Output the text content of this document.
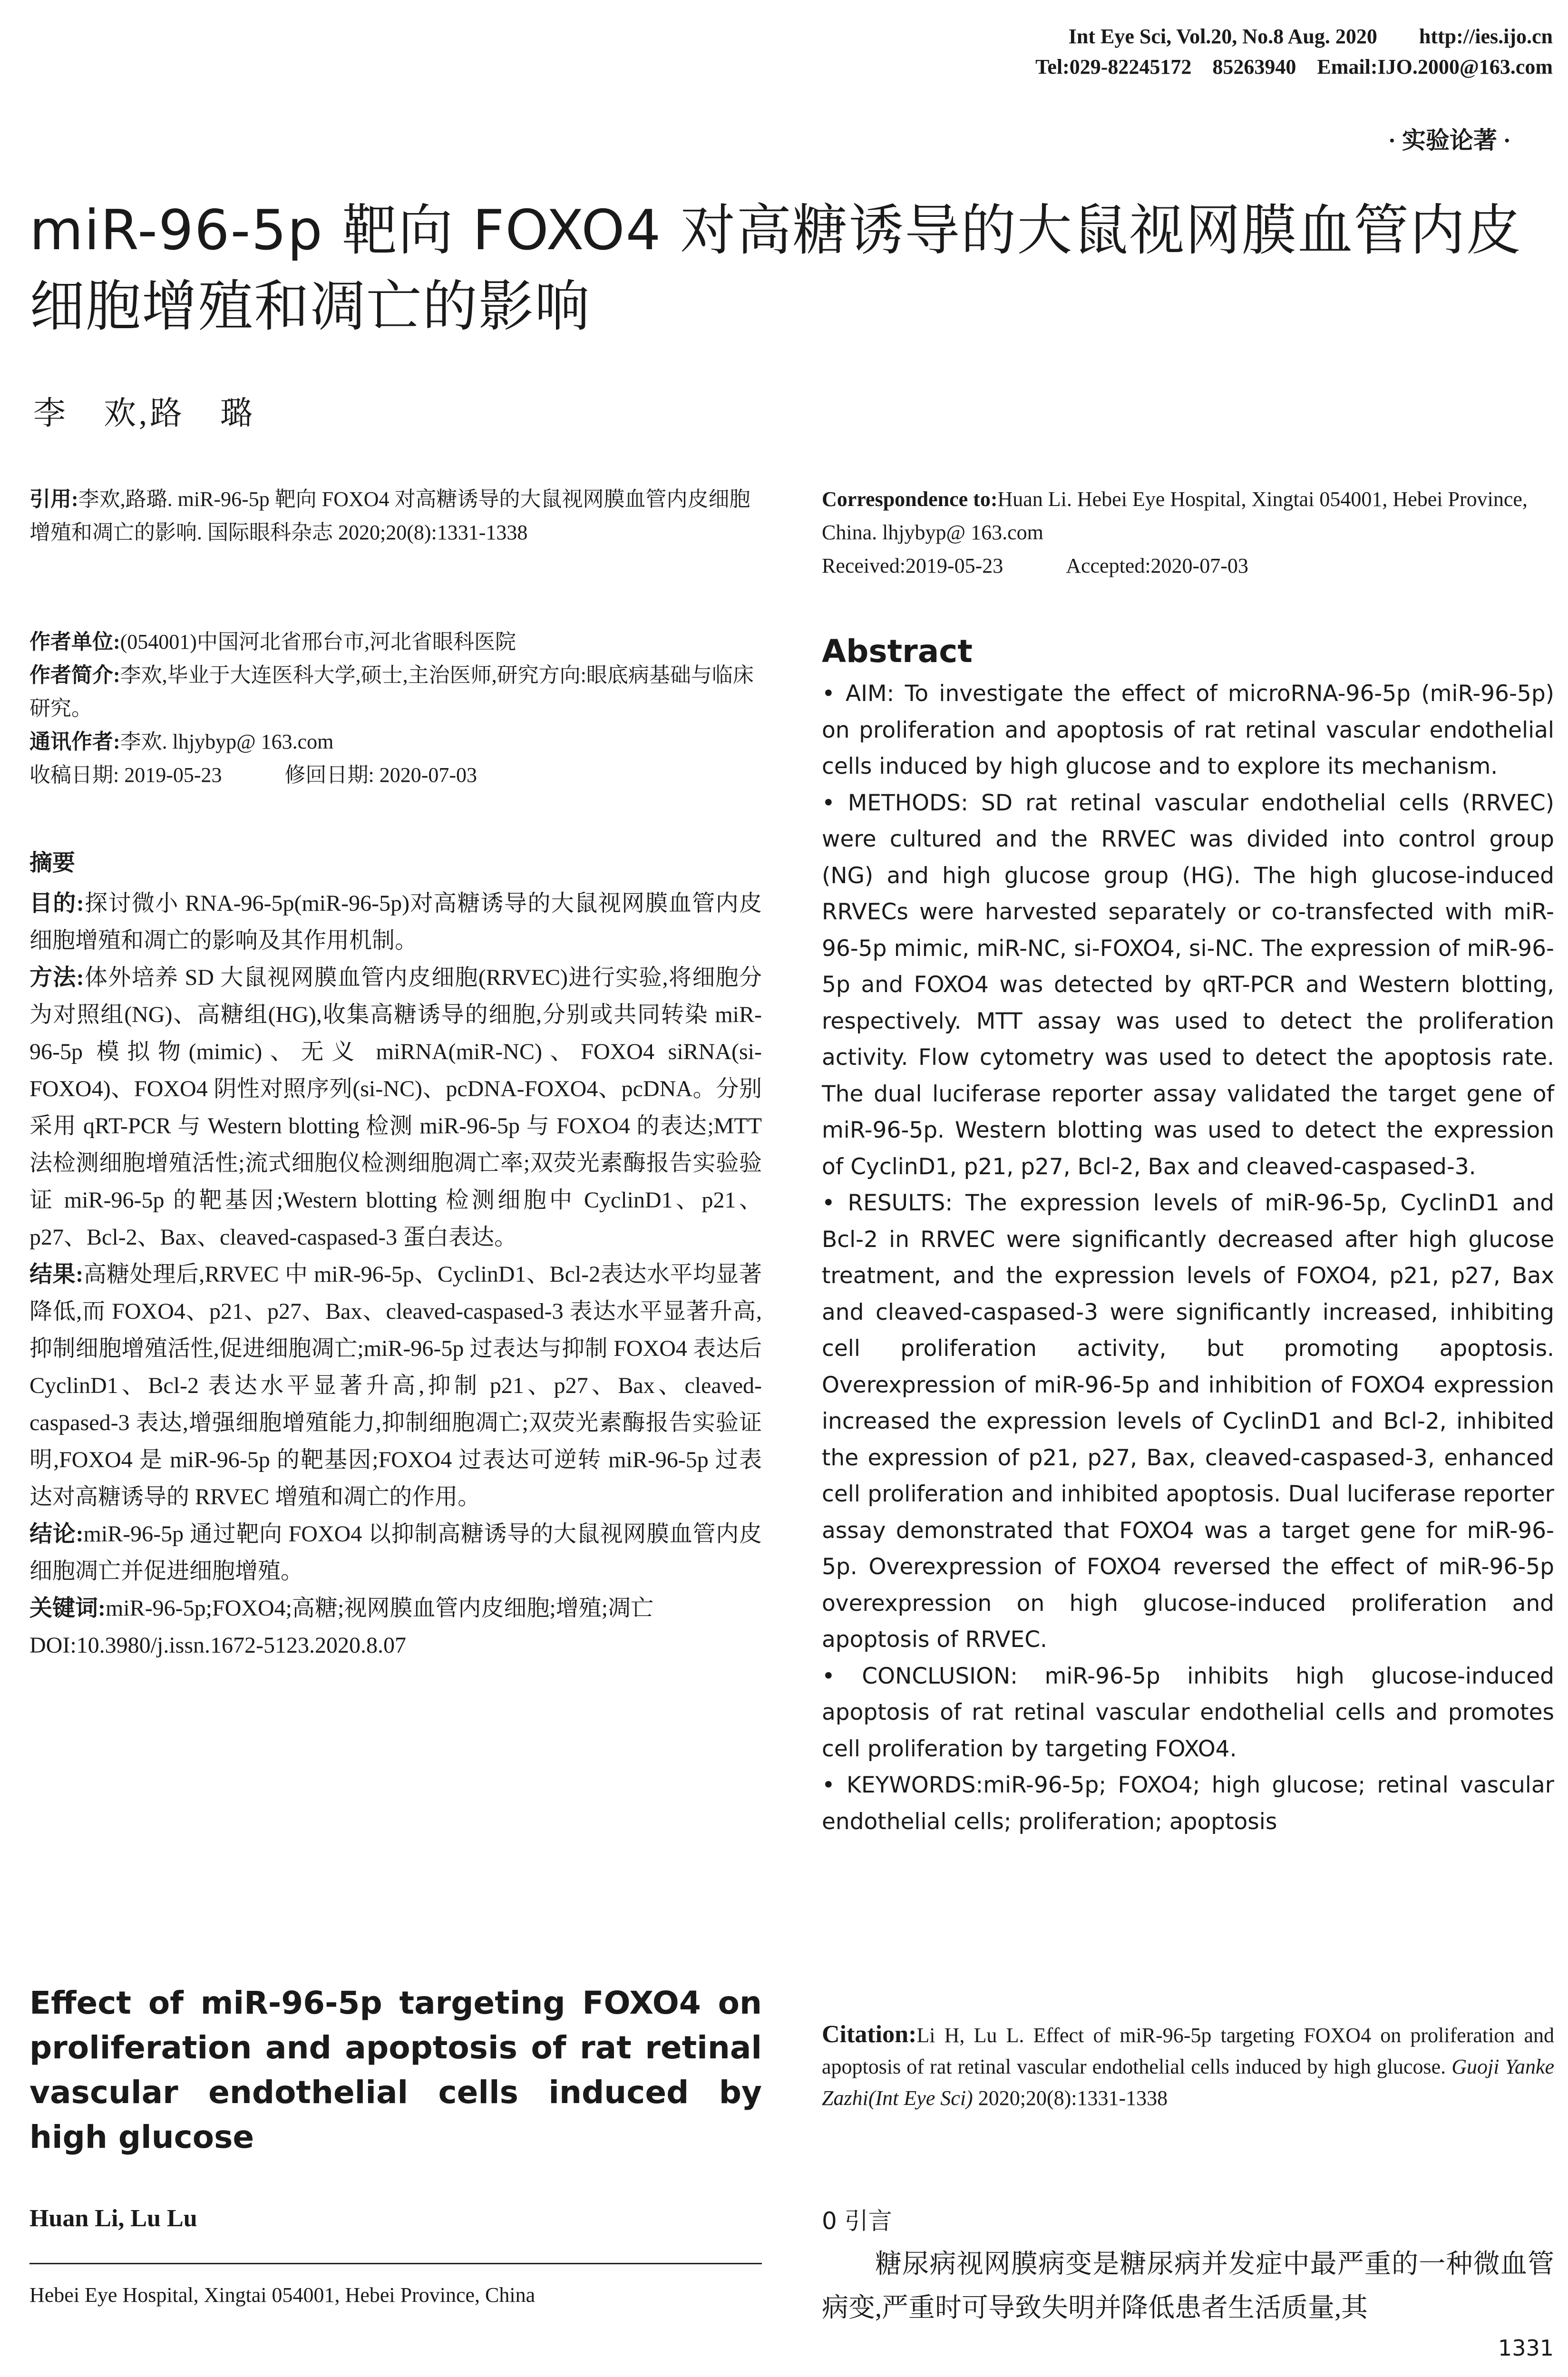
Int Eye Sci, Vol.20, No.8 Aug. 2020        http://ies.ijo.cn
Tel:029-82245172    85263940    Email:IJO.2000@163.com
· 实验论著 ·
miR-96-5p 靶向 FOXO4 对高糖诱导的大鼠视网膜血管内皮细胞增殖和凋亡的影响
李　欢,路　璐

引用:李欢,路璐. miR-96-5p 靶向 FOXO4 对高糖诱导的大鼠视网膜血管内皮细胞增殖和凋亡的影响. 国际眼科杂志 2020;20(8):1331-1338

作者单位:(054001)中国河北省邢台市,河北省眼科医院

作者简介:李欢,毕业于大连医科大学,硕士,主治医师,研究方向:眼底病基础与临床研究。

通讯作者:李欢. lhjybyp@ 163.com

收稿日期: 2019-05-23　　　修回日期: 2020-07-03

摘要

目的:探讨微小 RNA-96-5p(miR-96-5p)对高糖诱导的大鼠视网膜血管内皮细胞增殖和凋亡的影响及其作用机制。

方法:体外培养 SD 大鼠视网膜血管内皮细胞(RRVEC)进行实验,将细胞分为对照组(NG)、高糖组(HG),收集高糖诱导的细胞,分别或共同转染 miR-96-5p 模拟物(mimic)、无义 miRNA(miR-NC)、FOXO4 siRNA(si-FOXO4)、FOXO4 阴性对照序列(si-NC)、pcDNA-FOXO4、pcDNA。分别采用 qRT-PCR 与 Western blotting 检测 miR-96-5p 与 FOXO4 的表达;MTT 法检测细胞增殖活性;流式细胞仪检测细胞凋亡率;双荧光素酶报告实验验证 miR-96-5p 的靶基因;Western blotting 检测细胞中 CyclinD1、p21、p27、Bcl-2、Bax、cleaved-caspased-3 蛋白表达。

结果:高糖处理后,RRVEC 中 miR-96-5p、CyclinD1、Bcl-2表达水平均显著降低,而 FOXO4、p21、p27、Bax、cleaved-caspased-3 表达水平显著升高,抑制细胞增殖活性,促进细胞凋亡;miR-96-5p 过表达与抑制 FOXO4 表达后 CyclinD1、Bcl-2 表达水平显著升高,抑制 p21、p27、Bax、cleaved-caspased-3 表达,增强细胞增殖能力,抑制细胞凋亡;双荧光素酶报告实验证明,FOXO4 是 miR-96-5p 的靶基因;FOXO4 过表达可逆转 miR-96-5p 过表达对高糖诱导的 RRVEC 增殖和凋亡的作用。

结论:miR-96-5p 通过靶向 FOXO4 以抑制高糖诱导的大鼠视网膜血管内皮细胞凋亡并促进细胞增殖。

关键词:miR-96-5p;FOXO4;高糖;视网膜血管内皮细胞;增殖;凋亡

DOI:10.3980/j.issn.1672-5123.2020.8.07

Effect of miR-96-5p targeting FOXO4 on proliferation and apoptosis of rat retinal vascular endothelial cells induced by high glucose
Huan Li, Lu Lu
Hebei Eye Hospital, Xingtai 054001, Hebei Province, China

Correspondence to:Huan Li. Hebei Eye Hospital, Xingtai 054001, Hebei Province, China. lhjybyp@ 163.com

Received:2019-05-23　　　Accepted:2020-07-03

Abstract

• AIM: To investigate the effect of microRNA-96-5p (miR-96-5p) on proliferation and apoptosis of rat retinal vascular endothelial cells induced by high glucose and to explore its mechanism.

• METHODS: SD rat retinal vascular endothelial cells (RRVEC) were cultured and the RRVEC was divided into control group (NG) and high glucose group (HG). The high glucose-induced RRVECs were harvested separately or co-transfected with miR-96-5p mimic, miR-NC, si-FOXO4, si-NC. The expression of miR-96-5p and FOXO4 was detected by qRT-PCR and Western blotting, respectively. MTT assay was used to detect the proliferation activity. Flow cytometry was used to detect the apoptosis rate. The dual luciferase reporter assay validated the target gene of miR-96-5p. Western blotting was used to detect the expression of CyclinD1, p21, p27, Bcl-2, Bax and cleaved-caspased-3.

• RESULTS: The expression levels of miR-96-5p, CyclinD1 and Bcl-2 in RRVEC were significantly decreased after high glucose treatment, and the expression levels of FOXO4, p21, p27, Bax and cleaved-caspased-3 were significantly increased, inhibiting cell proliferation activity, but promoting apoptosis. Overexpression of miR-96-5p and inhibition of FOXO4 expression increased the expression levels of CyclinD1 and Bcl-2, inhibited the expression of p21, p27, Bax, cleaved-caspased-3, enhanced cell proliferation and inhibited apoptosis. Dual luciferase reporter assay demonstrated that FOXO4 was a target gene for miR-96-5p. Overexpression of FOXO4 reversed the effect of miR-96-5p overexpression on high glucose-induced proliferation and apoptosis of RRVEC.

• CONCLUSION: miR-96-5p inhibits high glucose-induced apoptosis of rat retinal vascular endothelial cells and promotes cell proliferation by targeting FOXO4.

• KEYWORDS:miR-96-5p; FOXO4; high glucose; retinal vascular endothelial cells; proliferation; apoptosis

Citation:Li H, Lu L. Effect of miR-96-5p targeting FOXO4 on proliferation and apoptosis of rat retinal vascular endothelial cells induced by high glucose. Guoji Yanke Zazhi(Int Eye Sci) 2020;20(8):1331-1338
0 引言
糖尿病视网膜病变是糖尿病并发症中最严重的一种微血管病变,严重时可导致失明并降低患者生活质量,其
1331
